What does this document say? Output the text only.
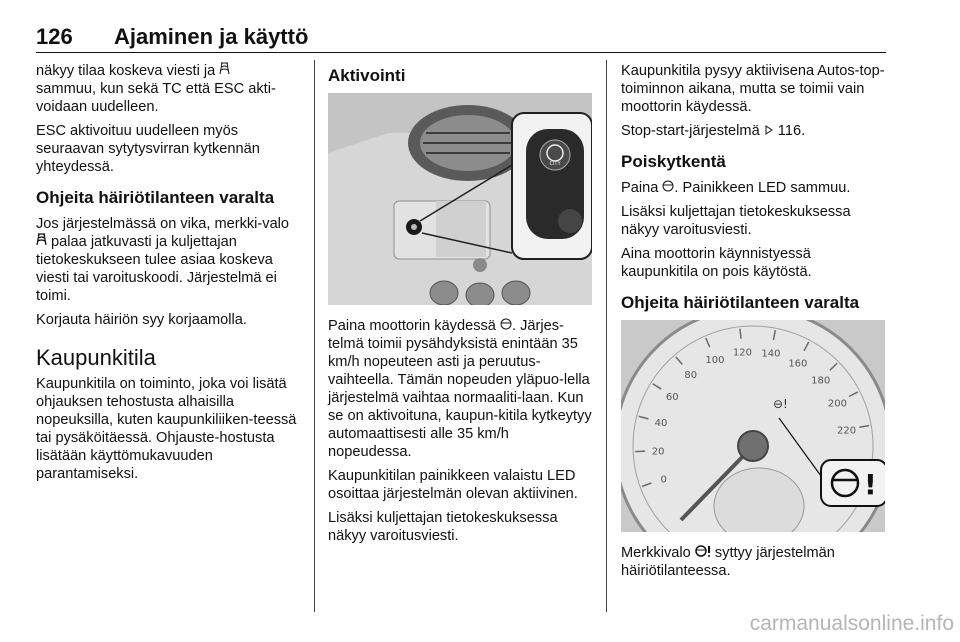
126 Ajaminen ja käyttö

näkyy tilaa koskeva viesti ja
sammuu, kun sekä TC että ESC akti-voidaan uudelleen.

ESC aktivoituu uudelleen myös seuraavan sytytysvirran kytkennän yhteydessä.

Ohjeita häiriötilanteen varalta

Jos järjestelmässä on vika, merkki-valo  palaa jatkuvasti ja kuljettajan tietokeskukseen tulee asiaa koskeva viesti tai varoituskoodi. Järjestelmä ei toimi.

Korjauta häiriön syy korjaamolla.

Kaupunkitila

Kaupunkitila on toiminto, joka voi lisätä ohjauksen tehostusta alhaisilla nopeuksilla, kuten kaupunkiliiken-teessä tai pysäköitäessä. Ohjauste-hostusta lisätään käyttömukavuuden parantamiseksi.

Aktivointi
CITY

Paina moottorin käydessä . Järjes-telmä toimii pysähdyksistä enintään 35 km/h nopeuteen asti ja peruutus-vaihteella. Tämän nopeuden yläpuo-lella järjestelmä vaihtaa normaaliti-laan. Kun se on aktivoituna, kaupun-kitila kytkeytyy automaattisesti alle 35 km/h nopeudessa.

Kaupunkitilan painikkeen valaistu LED osoittaa järjestelmän olevan aktiivinen.

Lisäksi kuljettajan tietokeskuksessa näkyy varoitusviesti.

Kaupunkitila pysyy aktiivisena Autos-top-toiminnon aikana, mutta se toimii vain moottorin käydessä.

Stop-start-järjestelmä  116.

Poiskytkentä

Paina . Painikkeen LED sammuu.

Lisäksi kuljettajan tietokeskuksessa näkyy varoitusviesti.

Aina moottorin käynnistyessä kaupunkitila on pois käytöstä.

Ohjeita häiriötilanteen varalta
0
20
40
60
80
100
120 140
160
180
200
220
⊖!
!

Merkkivalo  syttyy järjestelmän häiriötilanteessa.

carmanualsonline.info
